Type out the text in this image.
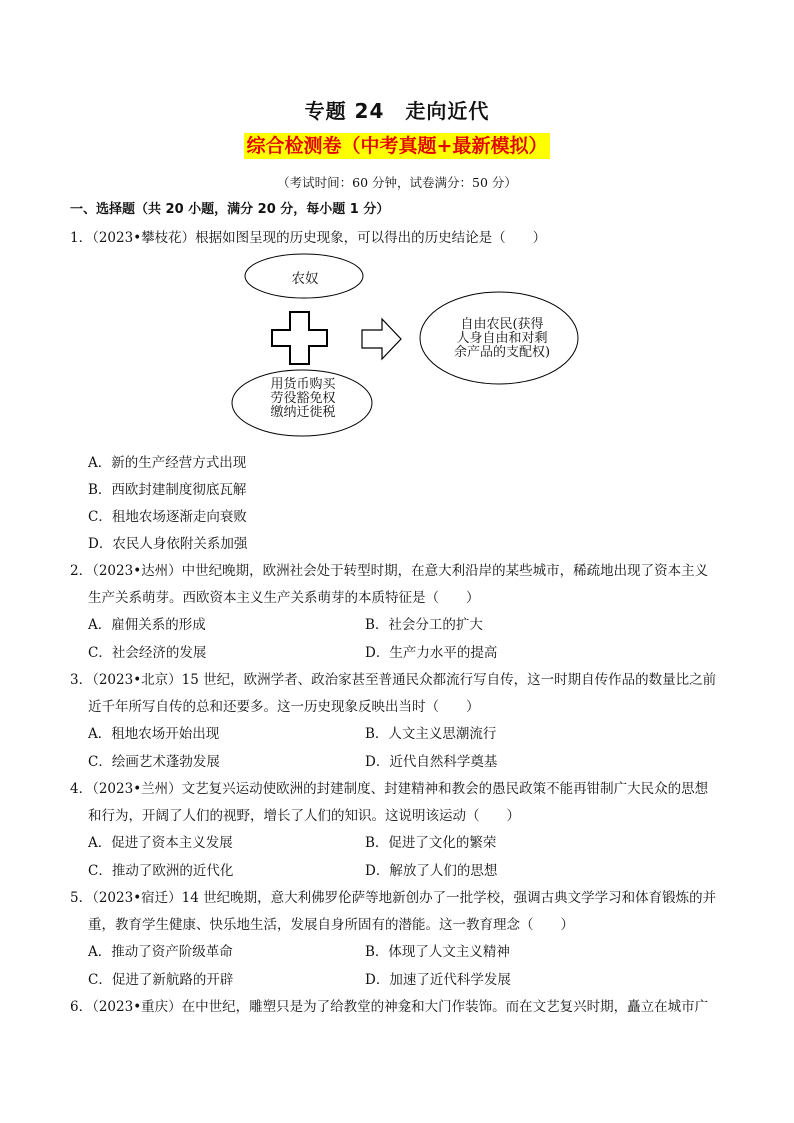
专题 24　走向近代
综合检测卷（中考真题+最新模拟）
（考试时间：60 分钟，试卷满分：50 分）
一、选择题（共 20 小题，满分 20 分，每小题 1 分）
1．（2023•攀枝花）根据如图呈现的历史现象，可以得出的历史结论是（　　）
农奴
用货币购买
劳役豁免权
缴纳迁徙税
自由农民(获得
人身自由和对剩
余产品的支配权)
A．新的生产经营方式出现
B．西欧封建制度彻底瓦解
C．租地农场逐渐走向衰败
D．农民人身依附关系加强
2．（2023•达州）中世纪晚期，欧洲社会处于转型时期，在意大利沿岸的某些城市，稀疏地出现了资本主义
生产关系萌芽。西欧资本主义生产关系萌芽的本质特征是（　　）
A．雇佣关系的形成	B．社会分工的扩大
C．社会经济的发展	D．生产力水平的提高
3．（2023•北京）15 世纪，欧洲学者、政治家甚至普通民众都流行写自传，这一时期自传作品的数量比之前
近千年所写自传的总和还要多。这一历史现象反映出当时（　　）
A．租地农场开始出现	B．人文主义思潮流行
C．绘画艺术蓬勃发展	D．近代自然科学奠基
4．（2023•兰州）文艺复兴运动使欧洲的封建制度、封建精神和教会的愚民政策不能再钳制广大民众的思想
和行为，开阔了人们的视野，增长了人们的知识。这说明该运动（　　）
A．促进了资本主义发展	B．促进了文化的繁荣
C．推动了欧洲的近代化	D．解放了人们的思想
5．（2023•宿迁）14 世纪晚期，意大利佛罗伦萨等地新创办了一批学校，强调古典文学学习和体育锻炼的并
重，教育学生健康、快乐地生活，发展自身所固有的潜能。这一教育理念（　　）
A．推动了资产阶级革命	B．体现了人文主义精神
C．促进了新航路的开辟	D．加速了近代科学发展
6．（2023•重庆）在中世纪，雕塑只是为了给教堂的神龛和大门作装饰。而在文艺复兴时期，矗立在城市广
